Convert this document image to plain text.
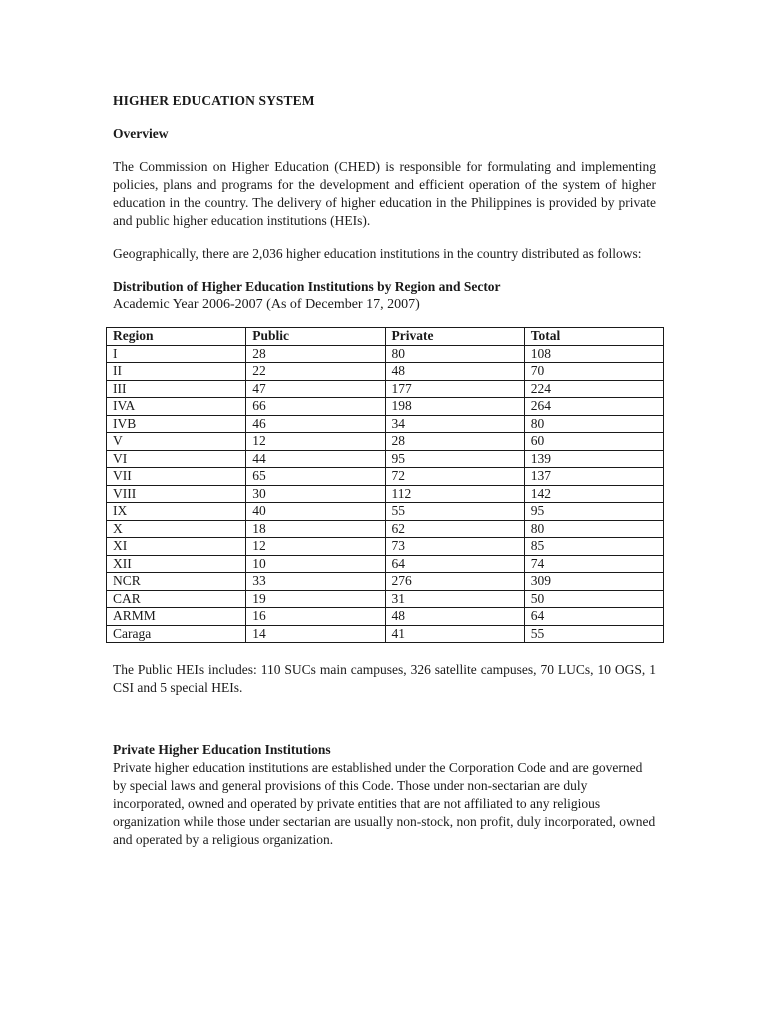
HIGHER EDUCATION SYSTEM
Overview

The Commission on Higher Education (CHED) is responsible for formulating and implementing policies, plans and programs for the development and efficient operation of the system of higher education in the country. The delivery of higher education in the Philippines is provided by private and public higher education institutions (HEIs).

Geographically, there are 2,036 higher education institutions in the country distributed as follows:

Distribution of Higher Education Institutions by Region and Sector

Academic Year 2006-2007 (As of December 17, 2007)

Region	Public	Private	Total
I	28	80	108
II	22	48	70
III	47	177	224
IVA	66	198	264
IVB	46	34	80
V	12	28	60
VI	44	95	139
VII	65	72	137
VIII	30	112	142
IX	40	55	95
X	18	62	80
XI	12	73	85
XII	10	64	74
NCR	33	276	309
CAR	19	31	50
ARMM	16	48	64
Caraga	14	41	55

The Public HEIs includes: 110 SUCs main campuses, 326 satellite campuses, 70 LUCs, 10 OGS, 1 CSI and 5 special HEIs.

Private Higher Education Institutions

Private higher education institutions are established under the Corporation Code and are governed by special laws and general provisions of this Code. Those under non-sectarian are duly incorporated, owned and operated by private entities that are not affiliated to any religious organization while those under sectarian are usually non-stock, non profit, duly incorporated, owned and operated by a religious organization.
